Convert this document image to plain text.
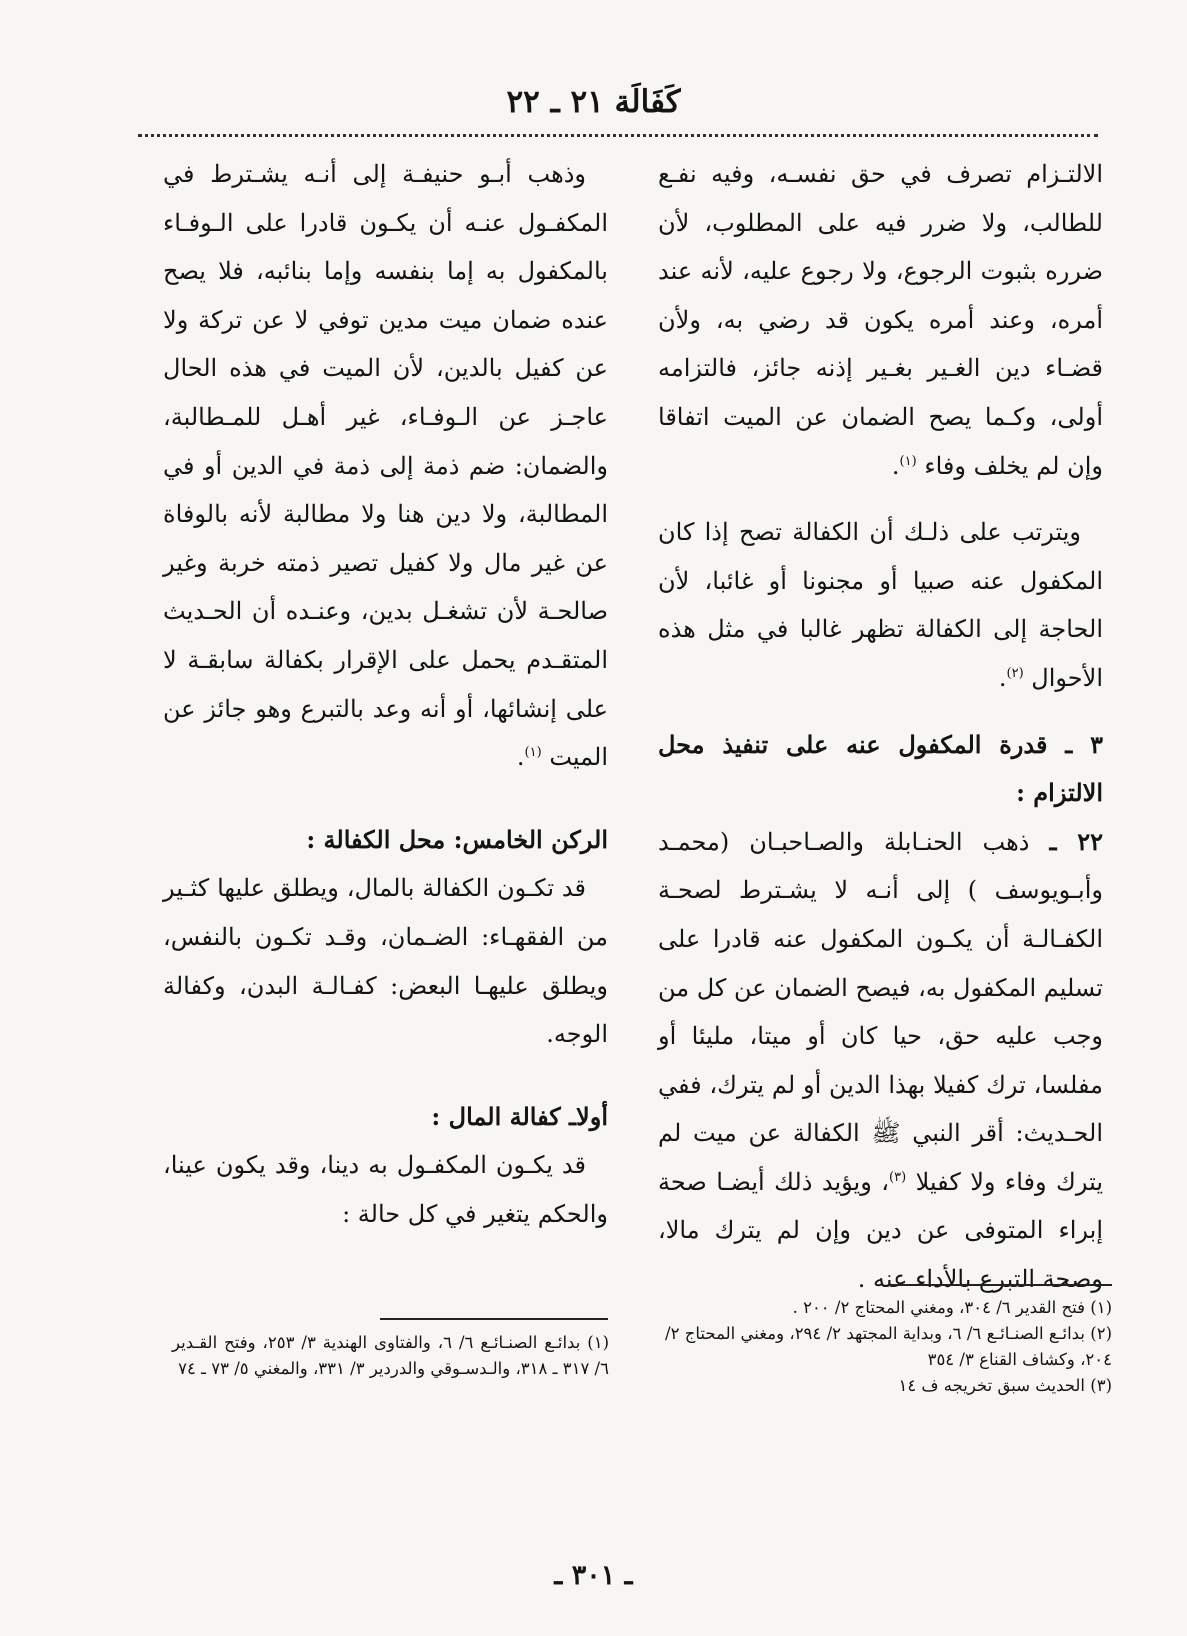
كَفَالَة ٢١ ـ ٢٢

الالتـزام تصرف في حق نفسـه، وفيه نفـع للطالب، ولا ضرر فيه على المطلوب، لأن ضرره بثبوت الرجوع، ولا رجوع عليه، لأنه عند أمره، وعند أمره يكون قد رضي به، ولأن قضـاء دين الغـير بغـير إذنه جائز، فالتزامه أولى، وكـما يصح الضمان عن الميت اتفاقا وإن لم يخلف وفاء $^{(١)}$.

ويترتب على ذلـك أن الكفالة تصح إذا كان المكفول عنه صبيا أو مجنونا أو غائبا، لأن الحاجة إلى الكفالة تظهر غالبا في مثل هذه الأحوال $^{(٢)}$.

٣ ـ قدرة المكفول عنه على تنفيذ محل الالتزام :

٢٢ ـ ذهب الحنـابلة والصـاحبـان (محمـد وأبـويوسف ) إلى أنـه لا يشـترط لصحـة الكفـالـة أن يكـون المكفول عنه قادرا على تسليم المكفول به، فيصح الضمان عن كل من وجب عليه حق، حيا كان أو ميتا، مليئا أو مفلسا، ترك كفيلا بهذا الدين أو لم يترك، ففي الحـديث: أقر النبي ﷺ الكفالة عن ميت لم يترك وفاء ولا كفيلا $^{(٣)}$، ويؤيد ذلك أيضـا صحة إبراء المتوفى عن دين وإن لم يترك مالا، وصحة التبرع بالأداء عنه .

وذهب أبـو حنيفـة إلى أنـه يشـترط في المكفـول عنـه أن يكـون قادرا على الـوفـاء بالمكفول به إما بنفسه وإما بنائبه، فلا يصح عنده ضمان ميت مدين توفي لا عن تركة ولا عن كفيل بالدين، لأن الميت في هذه الحال عاجـز عن الـوفـاء، غير أهـل للمـطالبة، والضمان: ضم ذمة إلى ذمة في الدين أو في المطالبة، ولا دين هنا ولا مطالبة لأنه بالوفاة عن غير مال ولا كفيل تصير ذمته خربة وغير صالحـة لأن تشغـل بدين، وعنـده أن الحـديث المتقـدم يحمل على الإقرار بكفالة سابقـة لا على إنشائها، أو أنه وعد بالتبرع وهو جائز عن الميت $^{(١)}$.

الركن الخامس: محل الكفالة :

قد تكـون الكفالة بالمال، ويطلق عليها كثـير من الفقهـاء: الضـمان، وقـد تكـون بالنفس، ويطلق عليهـا البعض: كفـالـة البدن، وكفالة الوجه.

أولاـ كفالة المال :

قد يكـون المكفـول به دينا، وقد يكون عينا، والحكم يتغير في كل حالة :

(١) فتح القدير ٦/ ٣٠٤، ومغني المحتاج ٢/ ٢٠٠ .

(٢) بدائـع الصنـائـع ٦/ ٦، وبداية المجتهد ٢/ ٢٩٤، ومغني المحتاج ٢/ ٢٠٤، وكشاف القناع ٣/ ٣٥٤

(٣) الحديث سبق تخريجه ف ١٤

(١) بدائـع الصنـائـع ٦/ ٦، والفتاوى الهندية ٣/ ٢٥٣، وفتح القـدير ٦/ ٣١٧ ـ ٣١٨، والـدسـوقي والدردير ٣/ ٣٣١، والمغني ٥/ ٧٣ ـ ٧٤

ـ ٣٠١ ـ
